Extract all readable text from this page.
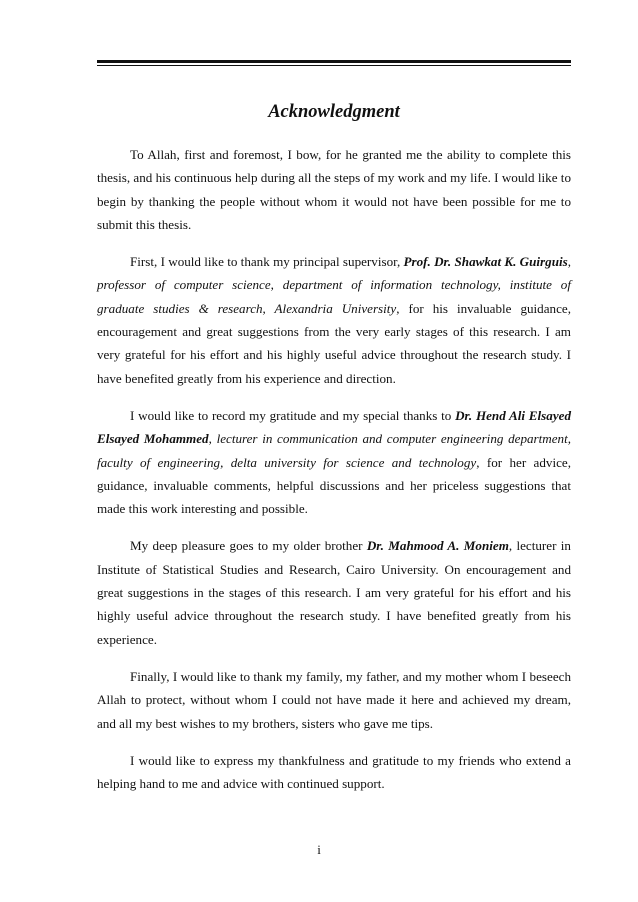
Acknowledgment

To Allah, first and foremost, I bow, for he granted me the ability to complete this thesis, and his continuous help during all the steps of my work and my life. I would like to begin by thanking the people without whom it would not have been possible for me to submit this thesis.

First, I would like to thank my principal supervisor, Prof. Dr. Shawkat K. Guirguis, professor of computer science, department of information technology, institute of graduate studies & research, Alexandria University, for his invaluable guidance, encouragement and great suggestions from the very early stages of this research. I am very grateful for his effort and his highly useful advice throughout the research study. I have benefited greatly from his experience and direction.

I would like to record my gratitude and my special thanks to Dr. Hend Ali Elsayed Elsayed Mohammed, lecturer in communication and computer engineering department, faculty of engineering, delta university for science and technology, for her advice, guidance, invaluable comments, helpful discussions and her priceless suggestions that made this work interesting and possible.

My deep pleasure goes to my older brother Dr. Mahmood A. Moniem, lecturer in Institute of Statistical Studies and Research, Cairo University. On encouragement and great suggestions in the stages of this research. I am very grateful for his effort and his highly useful advice throughout the research study. I have benefited greatly from his experience.

Finally, I would like to thank my family, my father, and my mother whom I beseech Allah to protect, without whom I could not have made it here and achieved my dream, and all my best wishes to my brothers, sisters who gave me tips.

I would like to express my thankfulness and gratitude to my friends who extend a helping hand to me and advice with continued support.

i
